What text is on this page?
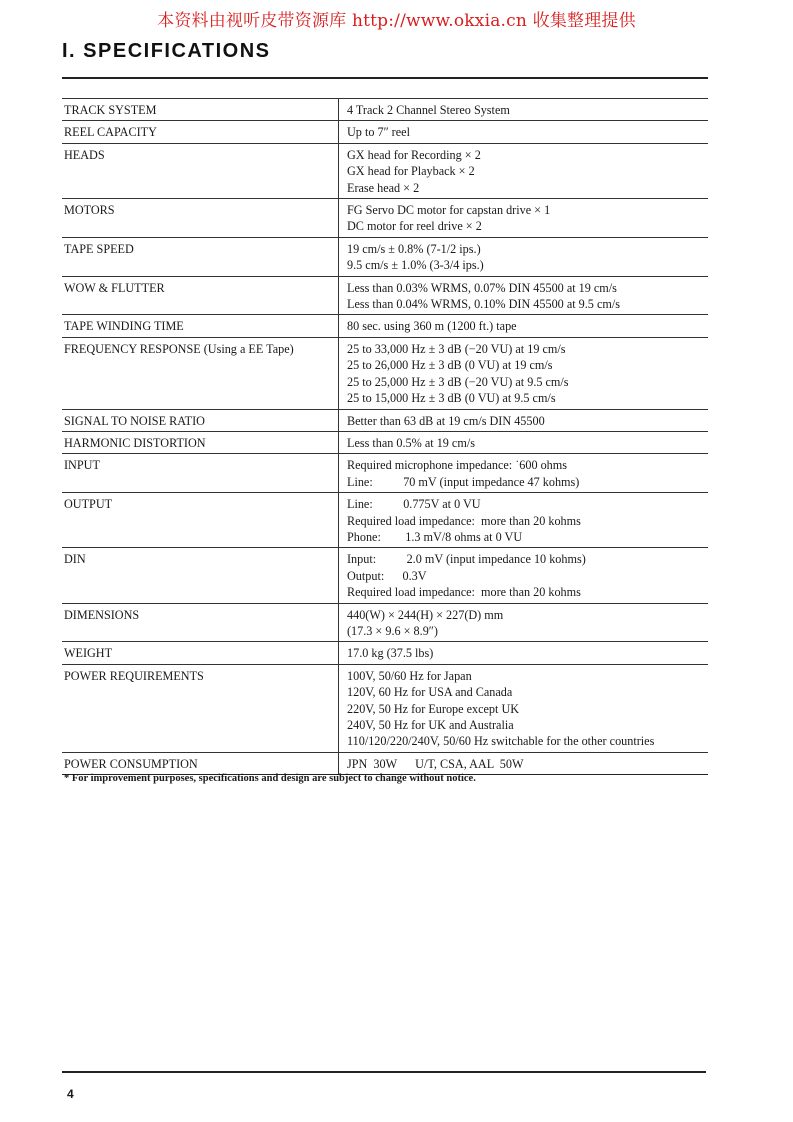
本资料由视听皮带资源库 http://www.okxia.cn 收集整理提供
I. SPECIFICATIONS
TRACK SYSTEM	4 Track 2 Channel Stereo System

REEL CAPACITY	Up to 7″ reel

HEADS	GX head for Recording × 2
GX head for Playback × 2
Erase head × 2

MOTORS	FG Servo DC motor for capstan drive × 1
DC motor for reel drive × 2

TAPE SPEED	19 cm/s ± 0.8% (7-1/2 ips.)
9.5 cm/s ± 1.0% (3-3/4 ips.)

WOW & FLUTTER	Less than 0.03% WRMS, 0.07% DIN 45500 at 19 cm/s
Less than 0.04% WRMS, 0.10% DIN 45500 at 9.5 cm/s

TAPE WINDING TIME	80 sec. using 360 m (1200 ft.) tape

FREQUENCY RESPONSE (Using a EE Tape)	25 to 33,000 Hz ± 3 dB (−20 VU) at 19 cm/s
25 to 26,000 Hz ± 3 dB (0 VU) at 19 cm/s
25 to 25,000 Hz ± 3 dB (−20 VU) at 9.5 cm/s
25 to 15,000 Hz ± 3 dB (0 VU) at 9.5 cm/s

SIGNAL TO NOISE RATIO	Better than 63 dB at 19 cm/s DIN 45500

HARMONIC DISTORTION	Less than 0.5% at 19 cm/s

INPUT	Required microphone impedance: ˙600 ohms
Line:          70 mV (input impedance 47 kohms)

OUTPUT	Line:          0.775V at 0 VU
Required load impedance:  more than 20 kohms
Phone:        1.3 mV/8 ohms at 0 VU

DIN	Input:          2.0 mV (input impedance 10 kohms)
Output:      0.3V
Required load impedance:  more than 20 kohms

DIMENSIONS	440(W) × 244(H) × 227(D) mm
(17.3 × 9.6 × 8.9″)

WEIGHT	17.0 kg (37.5 lbs)

POWER REQUIREMENTS	100V, 50/60 Hz for Japan
120V, 60 Hz for USA and Canada
220V, 50 Hz for Europe except UK
240V, 50 Hz for UK and Australia
110/120/220/240V, 50/60 Hz switchable for the other countries

POWER CONSUMPTION	JPN  30W      U/T, CSA, AAL  50W
* For improvement purposes, specifications and design are subject to change without notice.
4
